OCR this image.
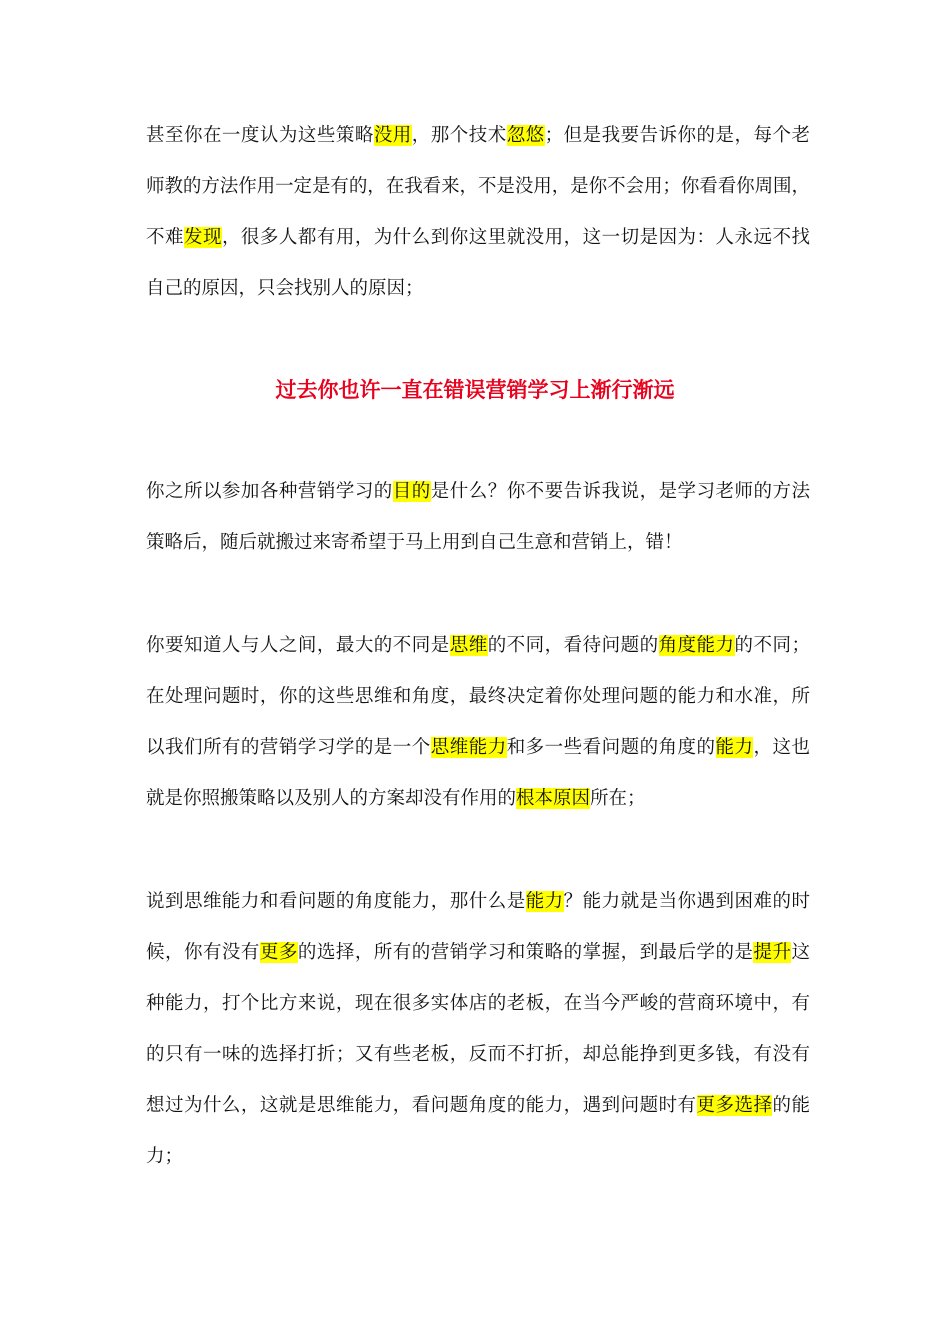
甚至你在一度认为这些策略没用，那个技术忽悠；但是我要告诉你的是，每个老
师教的方法作用一定是有的，在我看来，不是没用，是你不会用；你看看你周围，
不难发现，很多人都有用，为什么到你这里就没用，这一切是因为：人永远不找
自己的原因，只会找别人的原因；
过去你也许一直在错误营销学习上渐行渐远
你之所以参加各种营销学习的目的是什么？你不要告诉我说，是学习老师的方法
策略后，随后就搬过来寄希望于马上用到自己生意和营销上，错！
你要知道人与人之间，最大的不同是思维的不同，看待问题的角度能力的不同；
在处理问题时，你的这些思维和角度，最终决定着你处理问题的能力和水准，所
以我们所有的营销学习学的是一个思维能力和多一些看问题的角度的能力，这也
就是你照搬策略以及别人的方案却没有作用的根本原因所在；
说到思维能力和看问题的角度能力，那什么是能力？能力就是当你遇到困难的时
候，你有没有更多的选择，所有的营销学习和策略的掌握，到最后学的是提升这
种能力，打个比方来说，现在很多实体店的老板，在当今严峻的营商环境中，有
的只有一味的选择打折；又有些老板，反而不打折，却总能挣到更多钱，有没有
想过为什么，这就是思维能力，看问题角度的能力，遇到问题时有更多选择的能
力；
